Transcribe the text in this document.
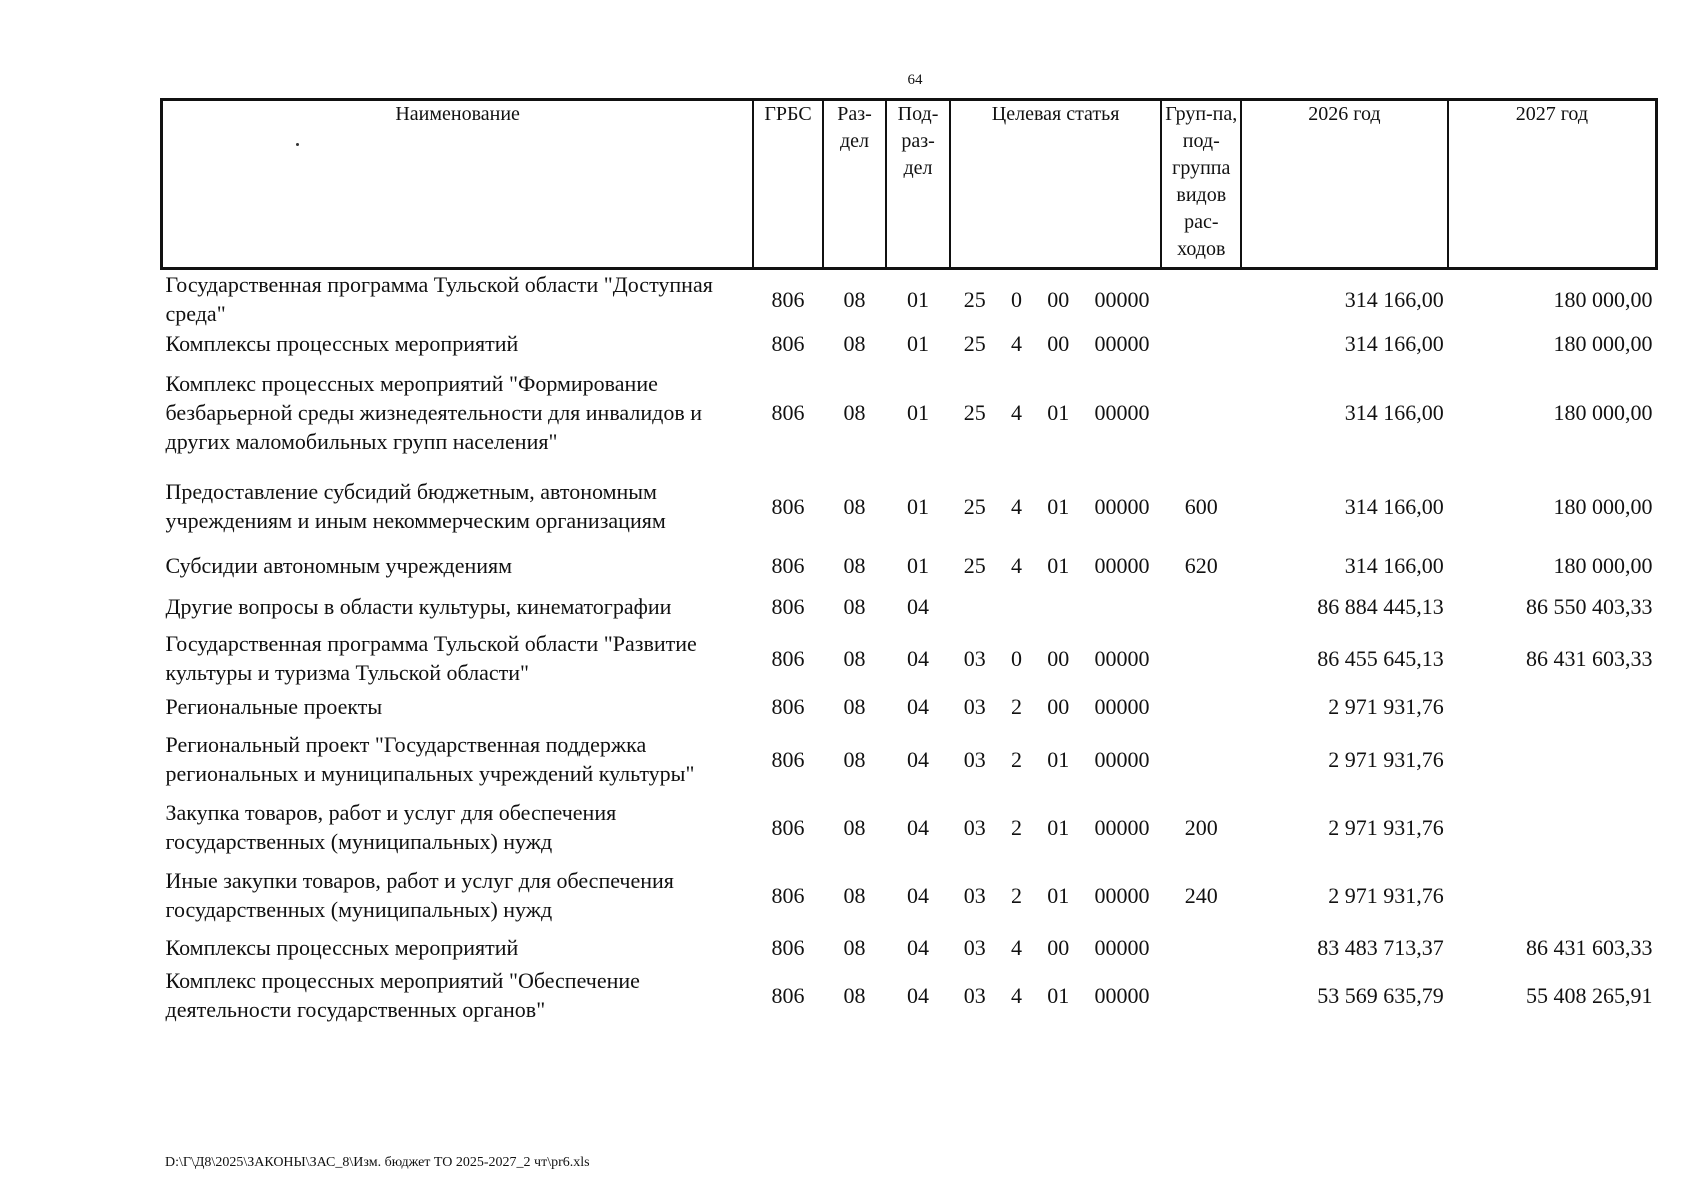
64
Наименование	ГРБС	Раз-дел	Под-раз-дел	Целевая статья	Груп-па, под-группа видов рас-ходов	2026 год	2027 год
Государственная программа Тульской области "Доступная среда"	806	08	01	25 0 00 00000		314 166,00	180 000,00
Комплексы процессных мероприятий	806	08	01	25 4 00 00000		314 166,00	180 000,00
Комплекс процессных мероприятий "Формирование безбарьерной среды жизнедеятельности для инвалидов и других маломобильных групп населения"	806	08	01	25 4 01 00000		314 166,00	180 000,00
Предоставление субсидий бюджетным, автономным учреждениям и иным некоммерческим организациям	806	08	01	25 4 01 00000	600	314 166,00	180 000,00
Субсидии автономным учреждениям	806	08	01	25 4 01 00000	620	314 166,00	180 000,00
Другие вопросы в области культуры, кинематографии	806	08	04			86 884 445,13	86 550 403,33
Государственная программа Тульской области "Развитие культуры и туризма Тульской области"	806	08	04	03 0 00 00000		86 455 645,13	86 431 603,33
Региональные проекты	806	08	04	03 2 00 00000		2 971 931,76	
Региональный проект "Государственная поддержка региональных и муниципальных учреждений культуры"	806	08	04	03 2 01 00000		2 971 931,76	
Закупка товаров, работ и услуг для обеспечения государственных (муниципальных) нужд	806	08	04	03 2 01 00000	200	2 971 931,76	
Иные закупки товаров, работ и услуг для обеспечения государственных (муниципальных) нужд	806	08	04	03 2 01 00000	240	2 971 931,76	
Комплексы процессных мероприятий	806	08	04	03 4 00 00000		83 483 713,37	86 431 603,33
Комплекс процессных мероприятий "Обеспечение деятельности государственных органов"	806	08	04	03 4 01 00000		53 569 635,79	55 408 265,91
D:\Г\Д8\2025\ЗАКОНЫ\ЗАС_8\Изм. бюджет ТО 2025-2027_2 чт\pr6.xls
